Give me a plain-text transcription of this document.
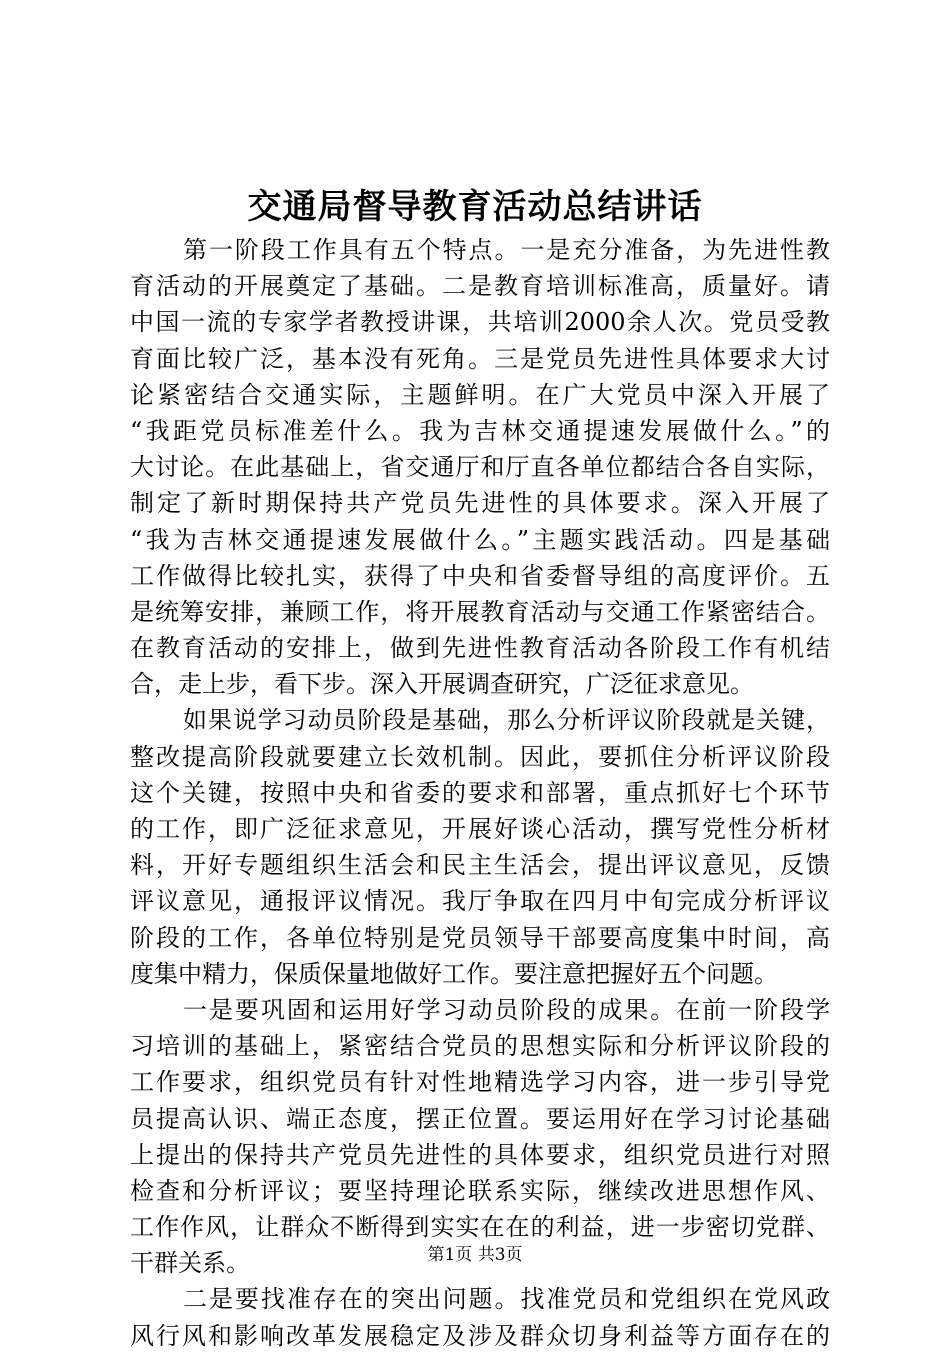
交通局督导教育活动总结讲话
第一阶段工作具有五个特点。一是充分准备，为先进性教
育活动的开展奠定了基础。二是教育培训标准高，质量好。请
中国一流的专家学者教授讲课，共培训2000余人次。党员受教
育面比较广泛，基本没有死角。三是党员先进性具体要求大讨
论紧密结合交通实际，主题鲜明。在广大党员中深入开展了
“我距党员标准差什么。我为吉林交通提速发展做什么。”的
大讨论。在此基础上，省交通厅和厅直各单位都结合各自实际，
制定了新时期保持共产党员先进性的具体要求。深入开展了
“我为吉林交通提速发展做什么。”主题实践活动。四是基础
工作做得比较扎实，获得了中央和省委督导组的高度评价。五
是统筹安排，兼顾工作，将开展教育活动与交通工作紧密结合。
在教育活动的安排上，做到先进性教育活动各阶段工作有机结
合，走上步，看下步。深入开展调查研究，广泛征求意见。
如果说学习动员阶段是基础，那么分析评议阶段就是关键，
整改提高阶段就要建立长效机制。因此，要抓住分析评议阶段
这个关键，按照中央和省委的要求和部署，重点抓好七个环节
的工作，即广泛征求意见，开展好谈心活动，撰写党性分析材
料，开好专题组织生活会和民主生活会，提出评议意见，反馈
评议意见，通报评议情况。我厅争取在四月中旬完成分析评议
阶段的工作，各单位特别是党员领导干部要高度集中时间，高
度集中精力，保质保量地做好工作。要注意把握好五个问题。
一是要巩固和运用好学习动员阶段的成果。在前一阶段学
习培训的基础上，紧密结合党员的思想实际和分析评议阶段的
工作要求，组织党员有针对性地精选学习内容，进一步引导党
员提高认识、端正态度，摆正位置。要运用好在学习讨论基础
上提出的保持共产党员先进性的具体要求，组织党员进行对照
检查和分析评议；要坚持理论联系实际，继续改进思想作风、
工作作风，让群众不断得到实实在在的利益，进一步密切党群、
干群关系。
二是要找准存在的突出问题。找准党员和党组织在党风政
风行风和影响改革发展稳定及涉及群众切身利益等方面存在的
第1页 共3页
